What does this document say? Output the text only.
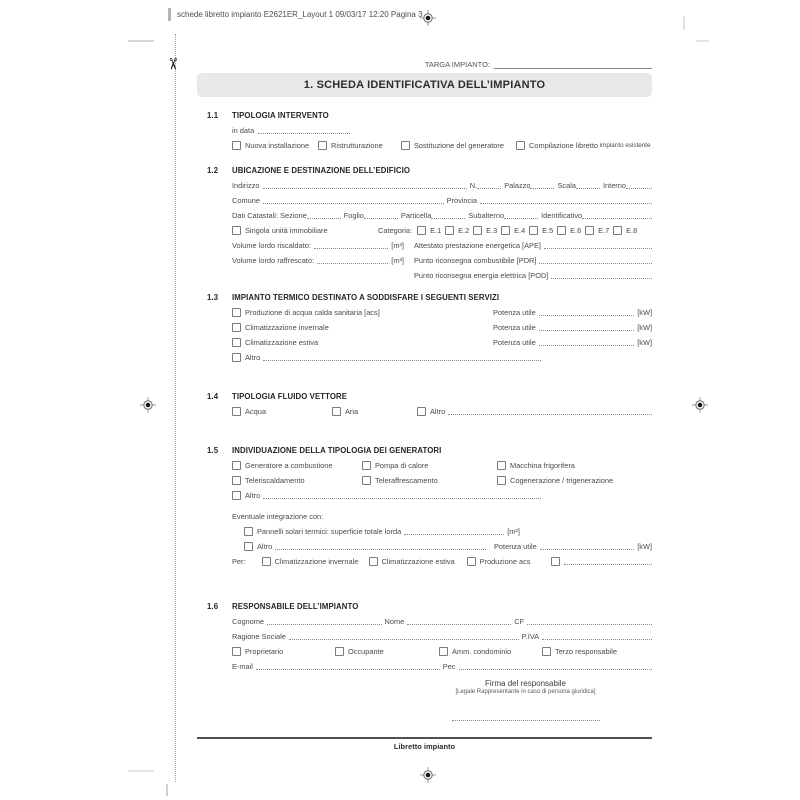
schede libretto impianto E2621ER_Layout 1 09/03/17 12:20 Pagina 3
✂	TARGA IMPIANTO:
1. SCHEDA IDENTIFICATIVA DELL’IMPIANTO
1.1	TIPOLOGIA INTERVENTO
in data
Nuova installazione	Ristrutturazione	Sostituzione del generatore	Compilazione libretto impianto esistente
1.2	UBICAZIONE E DESTINAZIONE DELL’EDIFICIO
Indirizzo	N.	Palazzo	Scala	Interno
Comune	Provincia
Dati Catastali: Sezione	Foglio	Particella	Subalterno	Identificativo
Singola unità immobiliare	Categoria: E.1 E.2 E.3 E.4 E.5 E.6 E.7 E.8
Volume lordo riscaldato:	[m³] Attestato prestazione energetica [APE]
Volume lordo raffrescato:	[m³] Punto riconsegna combustibile [PDR]
Punto riconsegna energia elettrica [POD]
1.3	IMPIANTO TERMICO DESTINATO A SODDISFARE I SEGUENTI SERVIZI
Produzione di acqua calda sanitaria [acs]	Potenza utile	[kW]
Climatizzazione invernale	Potenza utile	[kW]
Climatizzazione estiva	Potenza utile	[kW]
Altro
1.4	TIPOLOGIA FLUIDO VETTORE
Acqua	Aria	Altro
1.5	INDIVIDUAZIONE DELLA TIPOLOGIA DEI GENERATORI
Generatore a combustione	Pompa di calore	Macchina frigorifera
Teleriscaldamento	Teleraffrescamento	Cogenerazione / trigenerazione
Altro
Eventuale integrazione con:
Pannelli solari termici: superficie totale lorda	[m²]
Altro	Potenza utile	[kW]
Per:	Climatizzazione invernale	Climatizzazione estiva	Produzione acs
1.6	RESPONSABILE DELL’IMPIANTO
Cognome	Nome	CF
Ragione Sociale	P.IVA
Proprietario	Occupante	Amm. condominio	Terzo responsabile
E-mail	Pec
Firma del responsabile
[Legale Rappresentante in caso di persona giuridica]
Libretto impianto
